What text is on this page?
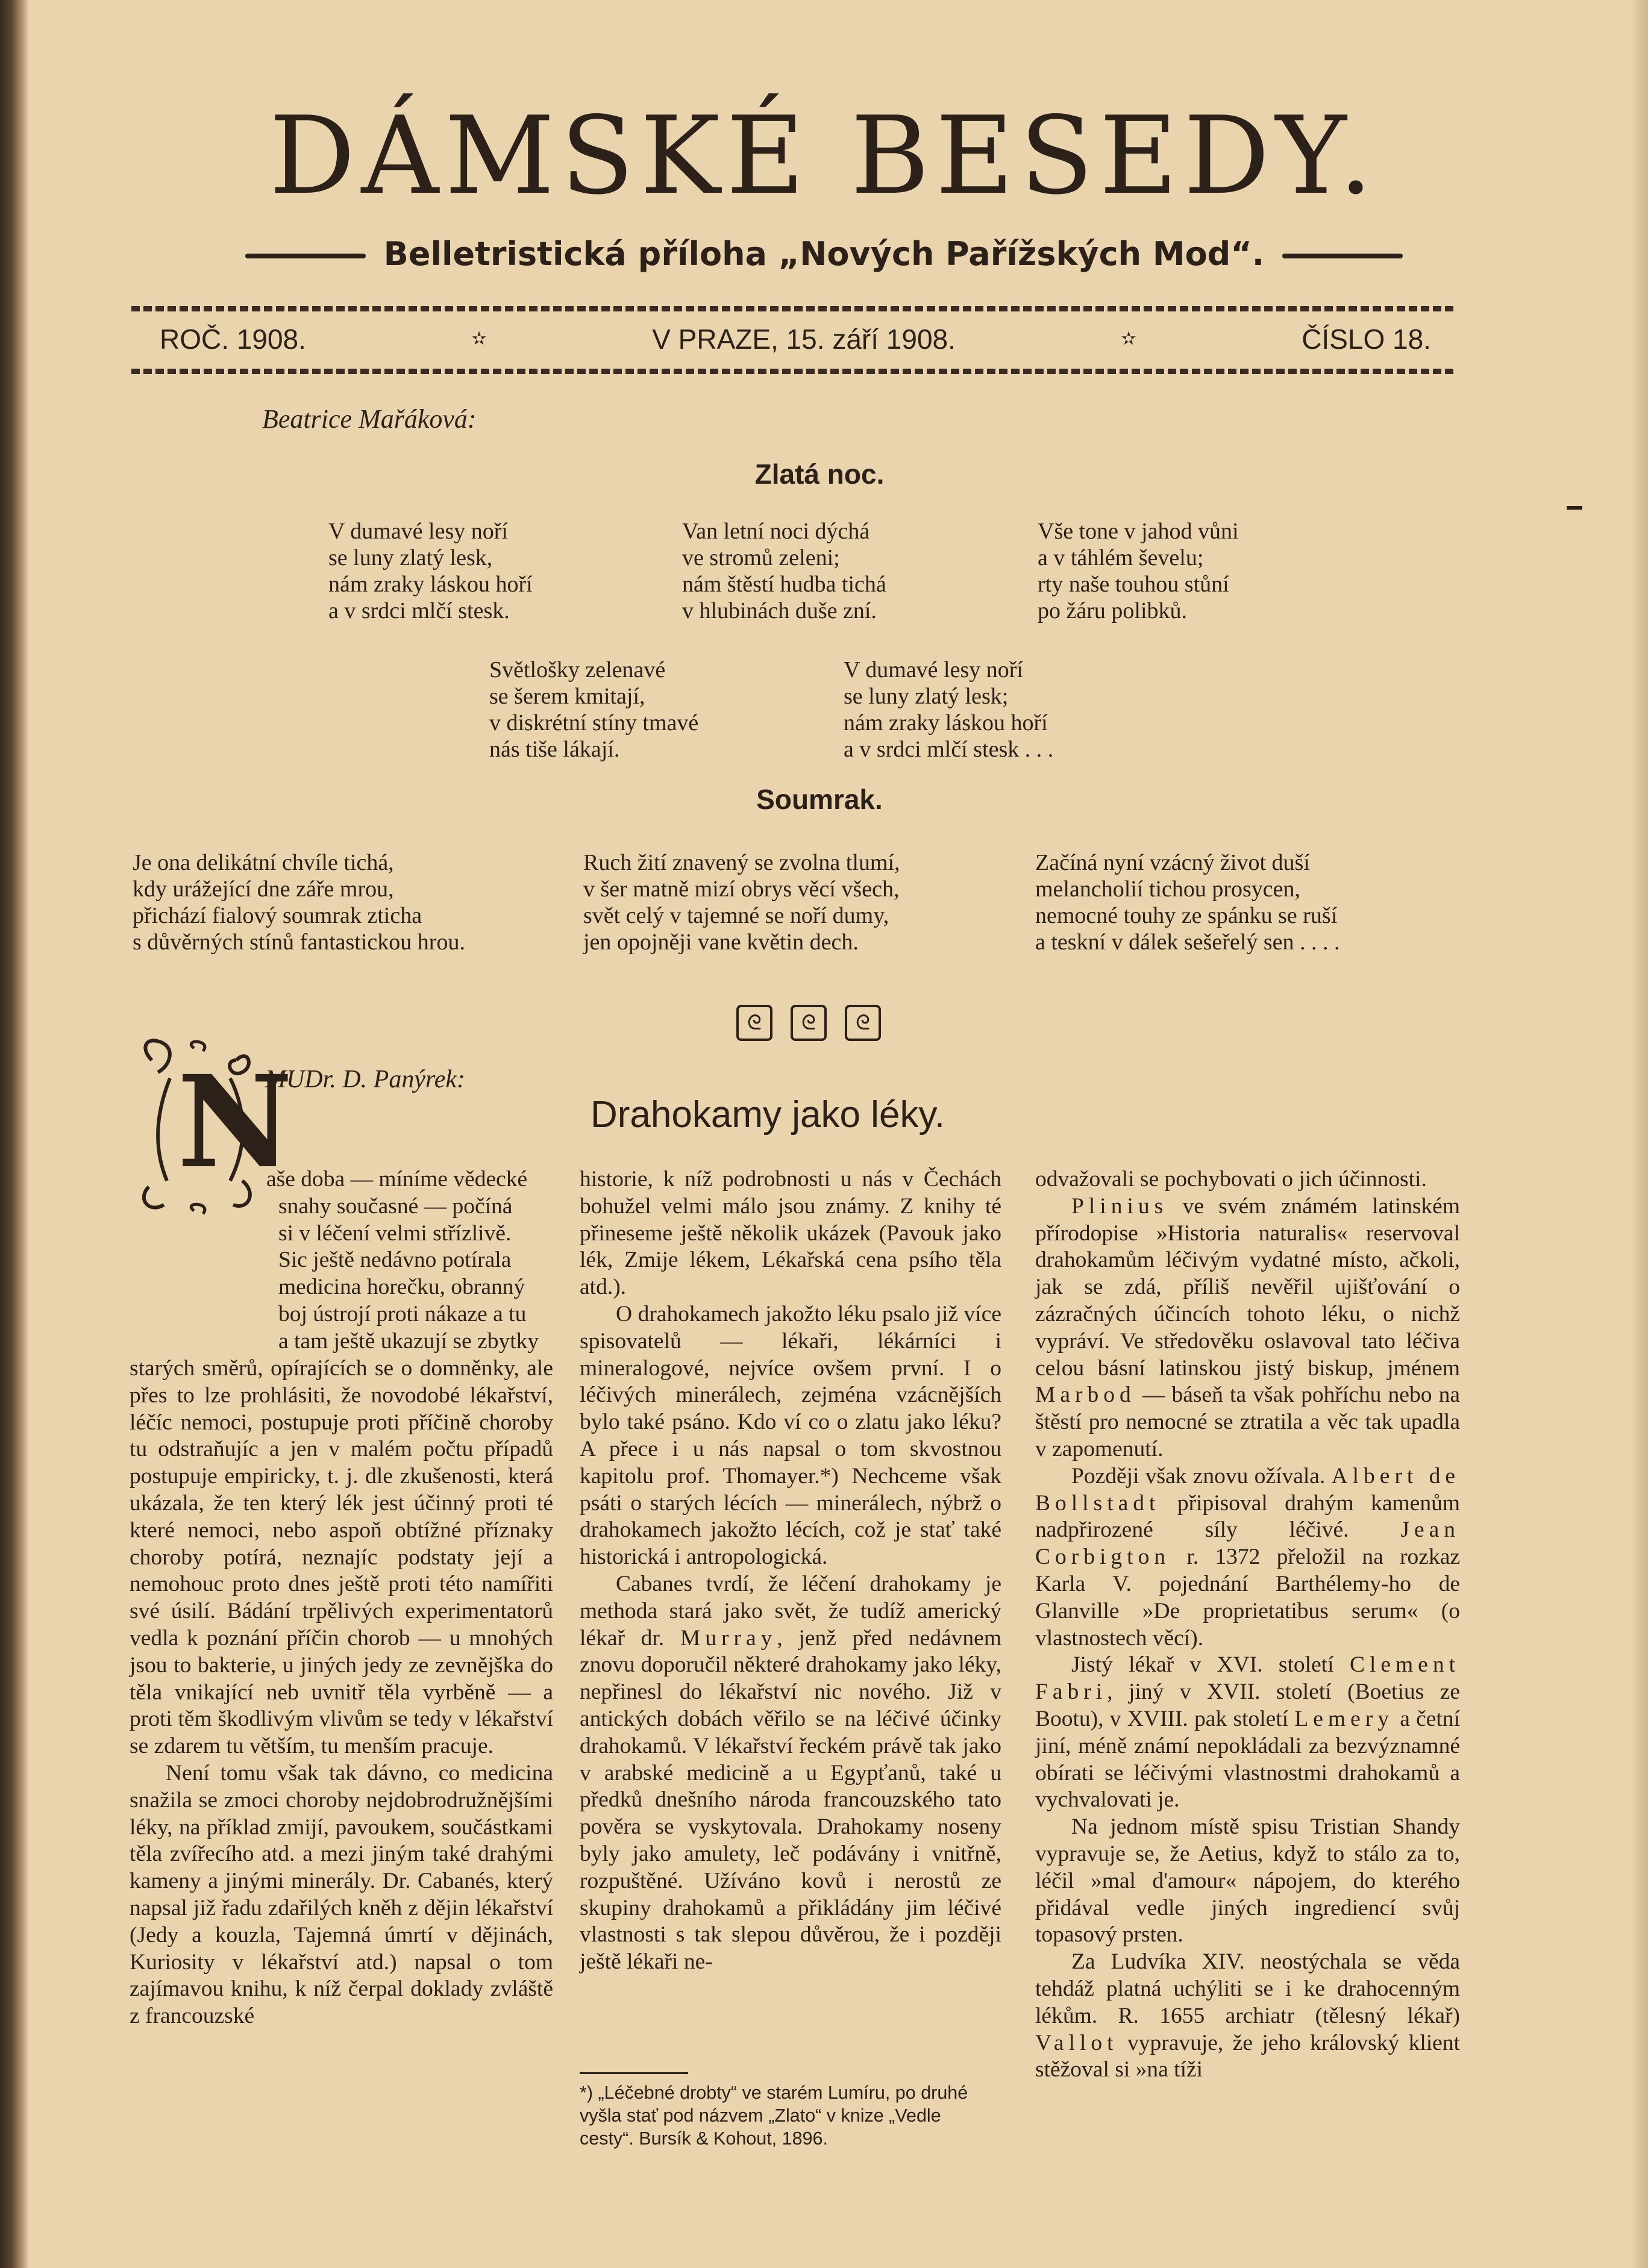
DÁMSKÉ BESEDY.
Belletristická příloha „Nových Pařížských Mod“.
ROČ. 1908.	✫	V PRAZE, 15. září 1908.	✫	ČÍSLO 18.
Beatrice Mařáková:
Zlatá noc.
V dumavé lesy noří
se luny zlatý lesk,
nám zraky láskou hoří
a v srdci mlčí stesk.
Van letní noci dýchá
ve stromů zeleni;
nám štěstí hudba tichá
v hlubinách duše zní.
Vše tone v jahod vůni
a v táhlém ševelu;
rty naše touhou stůní
po žáru polibků.
Světlošky zelenavé
se šerem kmitají,
v diskrétní stíny tmavé
nás tiše lákají.
V dumavé lesy noří
se luny zlatý lesk;
nám zraky láskou hoří
a v srdci mlčí stesk . . .
Soumrak.
Je ona delikátní chvíle tichá,
kdy urážející dne záře mrou,
přichází fialový soumrak zticha
s důvěrných stínů fantastickou hrou.
Ruch žití znavený se zvolna tlumí,
v šer matně mizí obrys věcí všech,
svět celý v tajemné se noří dumy,
jen opojněji vane květin dech.
Začíná nyní vzácný život duší
melancholií tichou prosycen,
nemocné touhy ze spánku se ruší
a teskní v dálek sešeřelý sen . . . .
ᘓ	ᘓ	ᘓ
MUDr. D. Panýrek:
Drahokamy jako léky.
N
aše doba — míníme vědecké
snahy současné — počíná
si v léčení velmi střízlivě.
Sic ještě nedávno potírala
medicina horečku, obranný
boj ústrojí proti nákaze a tu
a tam ještě ukazují se zbytky

starých směrů, opírajících se o domněnky, ale přes to lze prohlásiti, že novodobé lékařství, léčíc nemoci, postupuje proti příčině choroby tu odstraňujíc a jen v malém počtu případů postupuje empiricky, t. j. dle zkušenosti, která ukázala, že ten který lék jest účinný proti té které nemoci, nebo aspoň obtížné příznaky choroby potírá, neznajíc podstaty její a nemohouc proto dnes ještě proti této namířiti své úsilí. Bádání trpělivých experimentatorů vedla k poznání příčin chorob — u mnohých jsou to bakterie, u jiných jedy ze zevnějška do těla vnikající neb uvnitř těla vyrběně — a proti těm škodlivým vlivům se tedy v lékařství se zdarem tu větším, tu menším pracuje.

Není tomu však tak dávno, co medicina snažila se zmoci choroby nejdobrodružnějšími léky, na příklad zmijí, pavoukem, součástkami těla zvířecího atd. a mezi jiným také drahými kameny a jinými minerály. Dr. Cabanés, který napsal již řadu zdařilých kněh z dějin lékařství (Jedy a kouzla, Tajemná úmrtí v dějinách, Kuriosity v lékařství atd.) napsal o tom zajímavou knihu, k níž čerpal doklady zvláště z francouzské

historie, k níž podrobnosti u nás v Čechách bohužel velmi málo jsou známy. Z knihy té přineseme ještě několik ukázek (Pavouk jako lék, Zmije lékem, Lékařská cena psího těla atd.).

O drahokamech jakožto léku psalo již více spisovatelů — lékaři, lékárníci i mineralogové, nejvíce ovšem první. I o léčivých minerálech, zejména vzácnějších bylo také psáno. Kdo ví co o zlatu jako léku? A přece i u nás napsal o tom skvostnou kapitolu prof. Thomayer.*) Nechceme však psáti o starých lécích — minerálech, nýbrž o drahokamech jakožto lécích, což je stať také historická i antropologická.

Cabanes tvrdí, že léčení drahokamy je methoda stará jako svět, že tudíž americký lékař dr. Murray, jenž před nedávnem znovu doporučil některé drahokamy jako léky, nepřinesl do lékařství nic nového. Již v antických dobách věřilo se na léčivé účinky drahokamů. V lékařství řeckém právě tak jako v arabské medicině a u Egypťanů, také u předků dnešního národa francouzského tato pověra se vyskytovala. Drahokamy noseny byly jako amulety, leč podávány i vnitřně, rozpuštěné. Užíváno kovů i nerostů ze skupiny drahokamů a přikládány jim léčivé vlastnosti s tak slepou důvěrou, že i později ještě lékaři ne-

*) „Léčebné drobty“ ve starém Lumíru, po druhé vyšla stať pod názvem „Zlato“ v knize „Vedle cesty“. Bursík & Kohout, 1896.

odvažovali se pochybovati o jich účinnosti.

Plinius ve svém známém latinském přírodopise »Historia naturalis« reservoval drahokamům léčivým vydatné místo, ačkoli, jak se zdá, příliš nevěřil ujišťování o zázračných účincích tohoto léku, o nichž vypráví. Ve středověku oslavoval tato léčiva celou básní latinskou jistý biskup, jménem Marbod — báseň ta však pohříchu nebo na štěstí pro nemocné se ztratila a věc tak upadla v zapomenutí.

Později však znovu ožívala. Albert de Bollstadt připisoval drahým kamenům nadpřirozené síly léčivé. Jean Corbigton r. 1372 přeložil na rozkaz Karla V. pojednání Barthélemy-ho de Glanville »De proprietatibus serum« (o vlastnostech věcí).

Jistý lékař v XVI. století Clement Fabri, jiný v XVII. století (Boetius ze Bootu), v XVIII. pak století Lemery a četní jiní, méně známí nepokládali za bezvýznamné obírati se léčivými vlastnostmi drahokamů a vychvalovati je.

Na jednom místě spisu Tristian Shandy vypravuje se, že Aetius, když to stálo za to, léčil »mal d'amour« nápojem, do kterého přidával vedle jiných ingrediencí svůj topasový prsten.

Za Ludvíka XIV. neostýchala se věda tehdáž platná uchýliti se i ke drahocenným lékům. R. 1655 archiatr (tělesný lékař) Vallot vypravuje, že jeho královský klient stěžoval si »na tíži
